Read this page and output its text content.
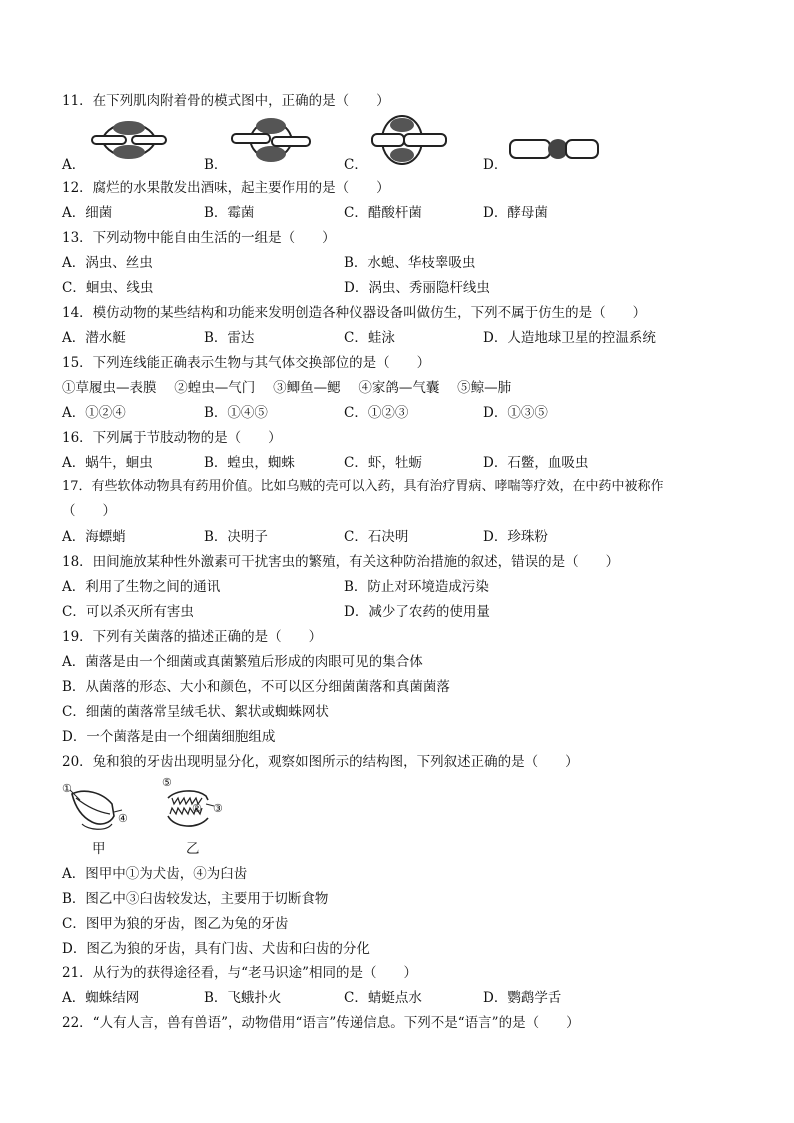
11．在下列肌肉附着骨的模式图中，正确的是（　　）
A．	B．	C．	D．
12．腐烂的水果散发出酒味，起主要作用的是（　　）
A．细菌	B．霉菌	C．醋酸杆菌	D．酵母菌
13．下列动物中能自由生活的一组是（　　）
A．涡虫、丝虫	B．水螅、华枝睾吸虫
C．蛔虫、线虫	D．涡虫、秀丽隐杆线虫
14．模仿动物的某些结构和功能来发明创造各种仪器设备叫做仿生，下列不属于仿生的是（　　）
A．潜水艇	B．雷达	C．蛙泳	D．人造地球卫星的控温系统
15．下列连线能正确表示生物与其气体交换部位的是（　　）
①草履虫—表膜　 ②蝗虫—气门　 ③鲫鱼—鳃　 ④家鸽—气囊　 ⑤鲸—肺
A．①②④	B．①④⑤	C．①②③	D．①③⑤
16．下列属于节肢动物的是（　　）
A．蜗牛，蛔虫	B．蝗虫，蜘蛛	C．虾，牡蛎	D．石鳖，血吸虫
17．有些软体动物具有药用价值。比如乌贼的壳可以入药，具有治疗胃病、哮喘等疗效，在中药中被称作
（　　）
A．海螵蛸	B．决明子	C．石决明	D．珍珠粉
18．田间施放某种性外激素可干扰害虫的繁殖，有关这种防治措施的叙述，错误的是（　　）
A．利用了生物之间的通讯	B．防止对环境造成污染
C．可以杀灭所有害虫	D．减少了农药的使用量
19．下列有关菌落的描述正确的是（　　）
A．菌落是由一个细菌或真菌繁殖后形成的肉眼可见的集合体
B．从菌落的形态、大小和颜色，不可以区分细菌菌落和真菌菌落
C．细菌的菌落常呈绒毛状、絮状或蜘蛛网状
D．一个菌落是由一个细菌细胞组成
20．兔和狼的牙齿出现明显分化，观察如图所示的结构图，下列叙述正确的是（　　）
①
④
⑤
② ③
甲	乙
A．图甲中①为犬齿，④为臼齿
B．图乙中③臼齿较发达，主要用于切断食物
C．图甲为狼的牙齿，图乙为兔的牙齿
D．图乙为狼的牙齿，具有门齿、犬齿和臼齿的分化
21．从行为的获得途径看，与“老马识途”相同的是（　　）
A．蜘蛛结网	B．飞蛾扑火	C．蜻蜓点水	D．鹦鹉学舌
22．“人有人言，兽有兽语”，动物借用“语言”传递信息。下列不是“语言”的是（　　）
